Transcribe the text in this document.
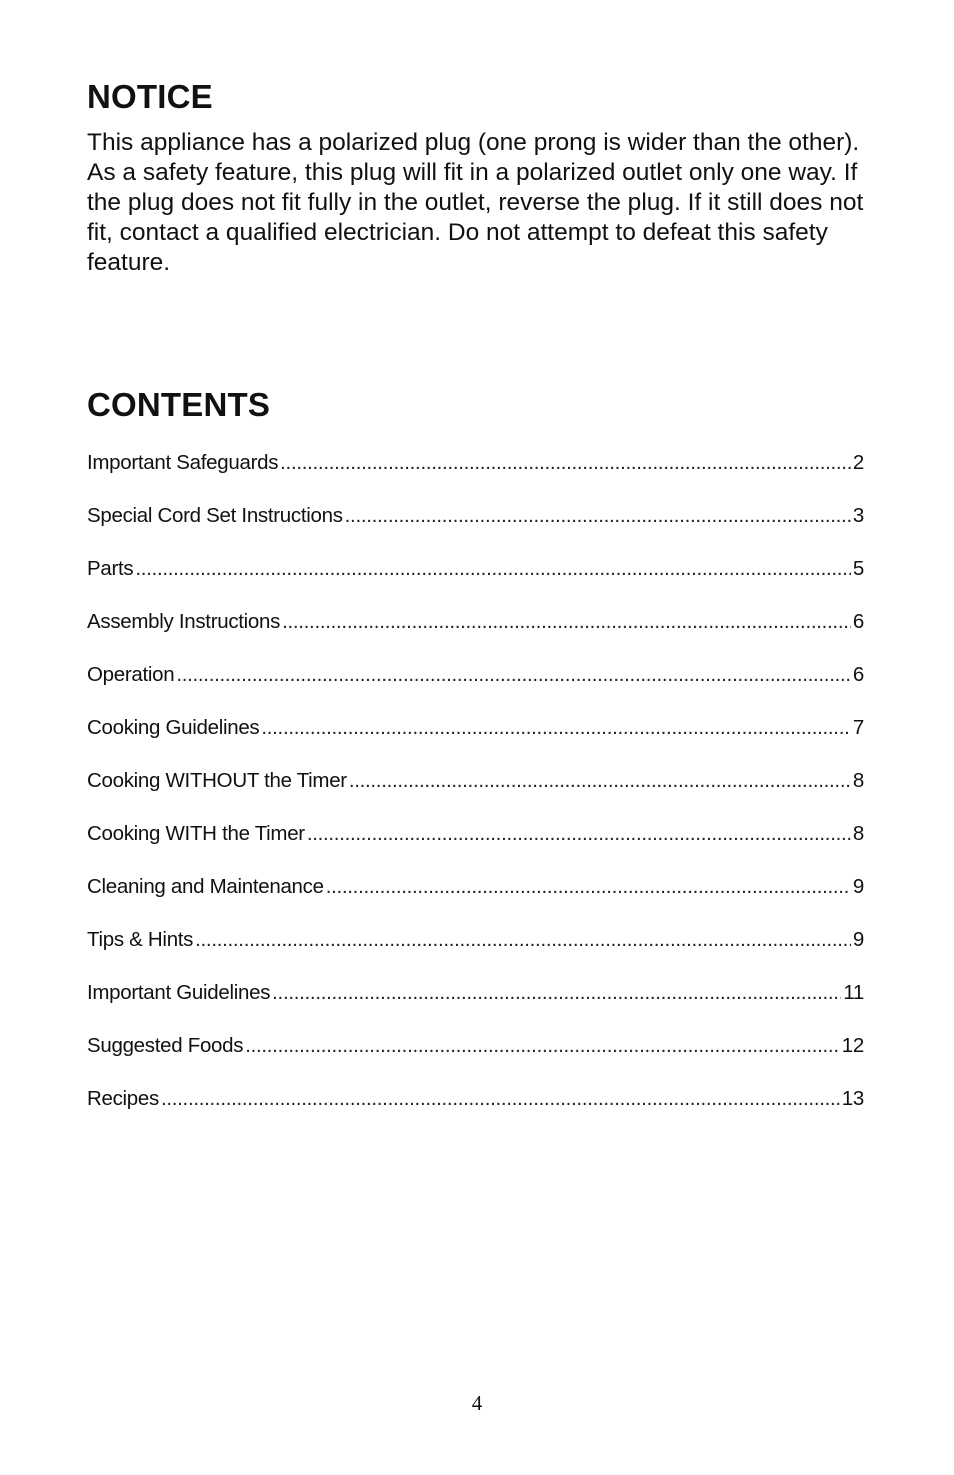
NOTICE

This appliance has a polarized plug (one prong is wider than the other). As a safety feature, this plug will fit in a polarized outlet only one way. If the plug does not fit fully in the outlet, reverse the plug. If it still does not fit, contact a qualified electrician. Do not attempt to defeat this safety feature.

CONTENTS
Important Safeguards .....	2
Special Cord Set Instructions .....	3
Parts .....	5
Assembly Instructions .....	6
Operation .....	6
Cooking Guidelines .....	7
Cooking WITHOUT the Timer .....	8
Cooking WITH the Timer .....	8
Cleaning and Maintenance .....	9
Tips & Hints .....	9
Important Guidelines .....	11
Suggested Foods .....	12
Recipes .....	13
4
